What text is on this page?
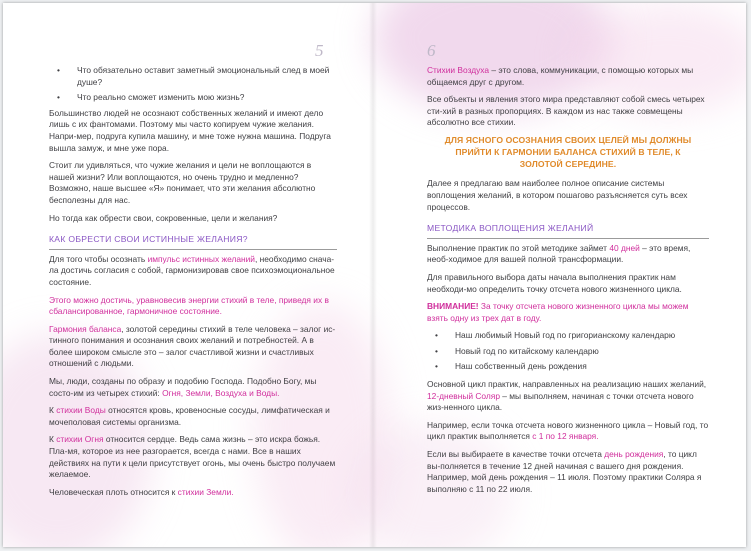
5
• Что обязательно оставит заметный эмоциональный след в моей душе?
• Что реально сможет изменить мою жизнь?

Большинство людей не осознают собственных желаний и имеют дело лишь с их фантомами. Поэтому мы часто копируем чужие желания. Напри-мер, подруга купила машину, и мне тоже нужна машина. Подруга вышла замуж, и мне уже пора.

Стоит ли удивляться, что чужие желания и цели не воплощаются в нашей жизни? Или воплощаются, но очень трудно и медленно? Возможно, наше высшее «Я» понимает, что эти желания абсолютно бесполезны для нас.

Но тогда как обрести свои, сокровенные, цели и желания?

КАК ОБРЕСТИ СВОИ ИСТИННЫЕ ЖЕЛАНИЯ?

Для того чтобы осознать импульс истинных желаний, необходимо снача-ла достичь согласия с собой, гармонизировав свое психоэмоциональное состояние.

Этого можно достичь, уравновесив энергии стихий в теле, приведя их в сбалансированное, гармоничное состояние.

Гармония баланса, золотой середины стихий в теле человека – залог ис-тинного понимания и осознания своих желаний и потребностей. А в более широком смысле это – залог счастливой жизни и счастливых отношений с людьми.

Мы, люди, созданы по образу и подобию Господа. Подобно Богу, мы состо-им из четырех стихий: Огня, Земли, Воздуха и Воды.

К стихии Воды относятся кровь, кровеносные сосуды, лимфатическая и мочеполовая системы организма.

К стихии Огня относится сердце. Ведь сама жизнь – это искра божья. Пла-мя, которое из нее разгорается, всегда с нами. Все в наших действиях на пути к цели присутствует огонь, мы очень быстро получаем желаемое.

Человеческая плоть относится к стихии Земли.

6

Стихии Воздуха – это слова, коммуникации, с помощью которых мы общаемся друг с другом.

Все объекты и явления этого мира представляют собой смесь четырех сти-хий в разных пропорциях. В каждом из нас также совмещены абсолютно все стихии.

ДЛЯ ЯСНОГО ОСОЗНАНИЯ СВОИХ ЦЕЛЕЙ МЫ ДОЛЖНЫ ПРИЙТИ К ГАРМОНИИ БАЛАНСА СТИХИЙ В ТЕЛЕ, К ЗОЛОТОЙ СЕРЕДИНЕ.

Далее я предлагаю вам наиболее полное описание системы воплощения желаний, в котором пошагово разъясняется суть всех процессов.

МЕТОДИКА ВОПЛОЩЕНИЯ ЖЕЛАНИЙ

Выполнение практик по этой методике займет 40 дней – это время, необ-ходимое для вашей полной трансформации.

Для правильного выбора даты начала выполнения практик нам необходи-мо определить точку отсчета нового жизненного цикла.

ВНИМАНИЕ! За точку отсчета нового жизненного цикла мы можем взять одну из трех дат в году.

• Наш любимый Новый год по григорианскому календарю
• Новый год по китайскому календарю
• Наш собственный день рождения

Основной цикл практик, направленных на реализацию наших желаний, 12-дневный Соляр – мы выполняем, начиная с точки отсчета нового жиз-ненного цикла.

Например, если точка отсчета нового жизненного цикла – Новый год, то цикл практик выполняется с 1 по 12 января.

Если вы выбираете в качестве точки отсчета день рождения, то цикл вы-полняется в течение 12 дней начиная с вашего дня рождения. Например, мой день рождения – 11 июля. Поэтому практики Соляра я выполняю с 11 по 22 июля.
